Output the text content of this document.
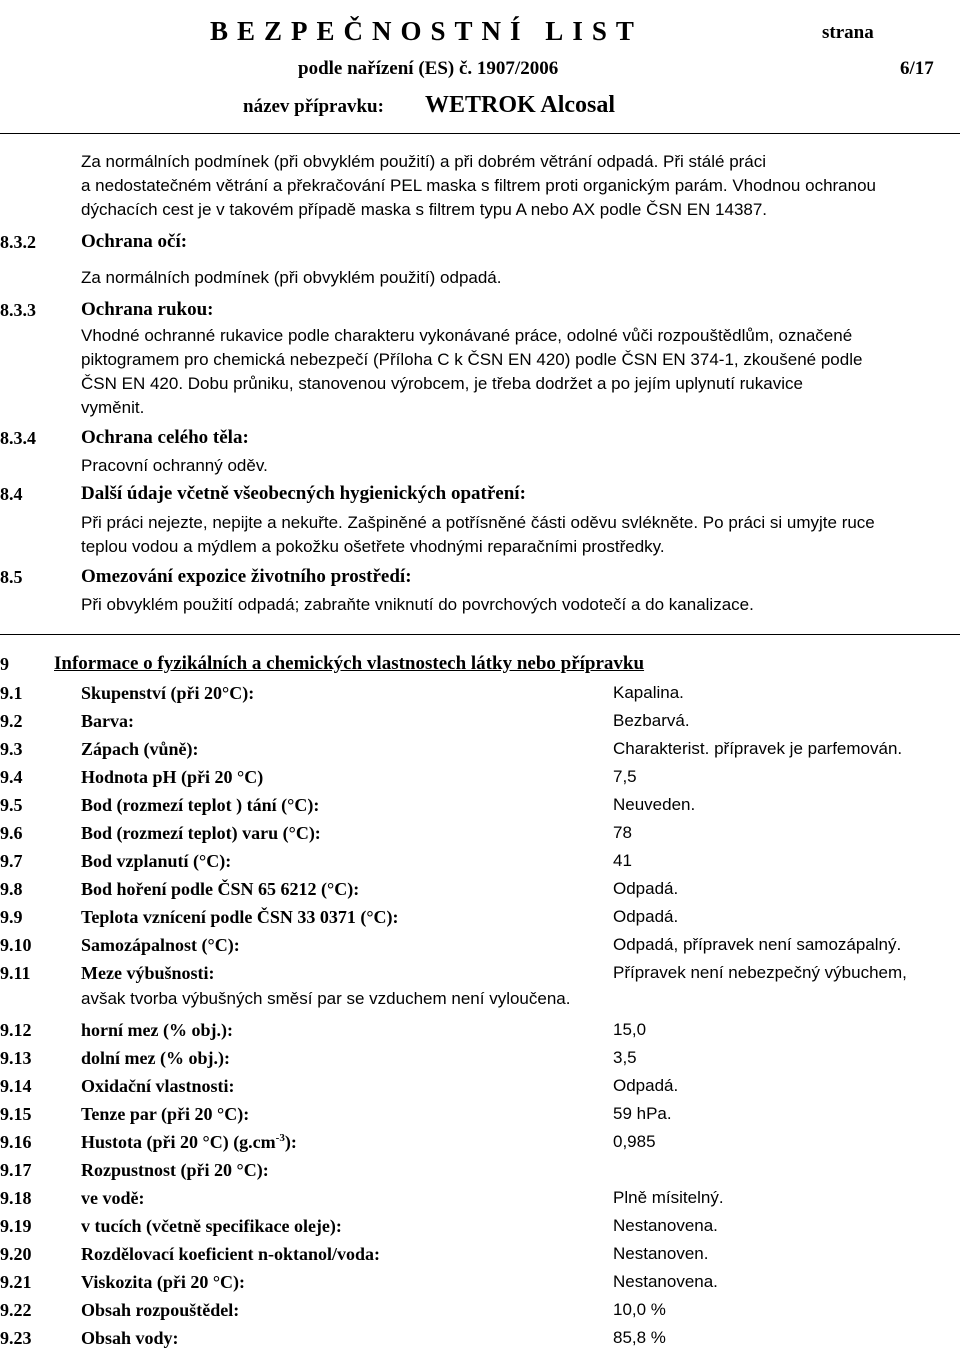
BEZPEČNOSTNÍ LIST	strana
podle nařízení (ES) č. 1907/2006	6/17
název přípravku: WETROK Alcosal
Za normálních podmínek (při obvyklém použití) a při dobrém větrání odpadá. Při stálé práci
a nedostatečném větrání a překračování PEL maska s filtrem proti organickým parám. Vhodnou ochranou
dýchacích cest je v takovém případě maska s filtrem typu A nebo AX podle ČSN EN 14387.
8.3.2 Ochrana očí:
Za normálních podmínek (při obvyklém použití) odpadá.
8.3.3 Ochrana rukou:
Vhodné ochranné rukavice podle charakteru vykonávané práce, odolné vůči rozpouštědlům, označené
piktogramem pro chemická nebezpečí (Příloha C k ČSN EN 420) podle ČSN EN 374-1, zkoušené podle
ČSN EN 420. Dobu průniku, stanovenou výrobcem, je třeba dodržet a po jejím uplynutí rukavice
vyměnit.
8.3.4 Ochrana celého těla:
Pracovní ochranný oděv.
8.4	Další údaje včetně všeobecných hygienických opatření:
Při práci nejezte, nepijte a nekuřte. Zašpiněné a potřísněné části oděvu svlékněte. Po práci si umyjte ruce
teplou vodou a mýdlem a pokožku ošetřete vhodnými reparačními prostředky.
8.5	Omezování expozice životního prostředí:
Při obvyklém použití odpadá; zabraňte vniknutí do povrchových vodotečí a do kanalizace.
9 Informace o fyzikálních a chemických vlastnostech látky nebo přípravku
9.1	Skupenství (při 20°C):	Kapalina.
9.2	Barva:	Bezbarvá.
9.3	Zápach (vůně):	Charakterist. přípravek je parfemován.
9.4	Hodnota pH (při 20 °C)	7,5
9.5	Bod (rozmezí teplot ) tání (°C):	Neuveden.
9.6	Bod (rozmezí teplot) varu (°C):	78
9.7	Bod vzplanutí (°C):	41
9.8	Bod hoření podle ČSN 65 6212 (°C):	Odpadá.
9.9	Teplota vznícení podle ČSN 33 0371 (°C):	Odpadá.
9.10	Samozápalnost (°C):	Odpadá, přípravek není samozápalný.
9.11	Meze výbušnosti:	Přípravek není nebezpečný výbuchem,
avšak tvorba výbušných směsí par se vzduchem není vyloučena.
9.12	horní mez (% obj.):	15,0
9.13	dolní mez (% obj.):	3,5
9.14	Oxidační vlastnosti:	Odpadá.
9.15	Tenze par (při 20 °C):	59 hPa.
9.16	Hustota (při 20 °C) $(g.cm^{-3})$:	0,985
9.17	Rozpustnost (při 20 °C):
9.18	ve vodě:	Plně mísitelný.
9.19	v tucích (včetně specifikace oleje):	Nestanovena.
9.20	Rozdělovací koeficient n-oktanol/voda:	Nestanoven.
9.21	Viskozita (při 20 °C):	Nestanovena.
9.22	Obsah rozpouštědel:	10,0 %
9.23	Obsah vody:	85,8 %
